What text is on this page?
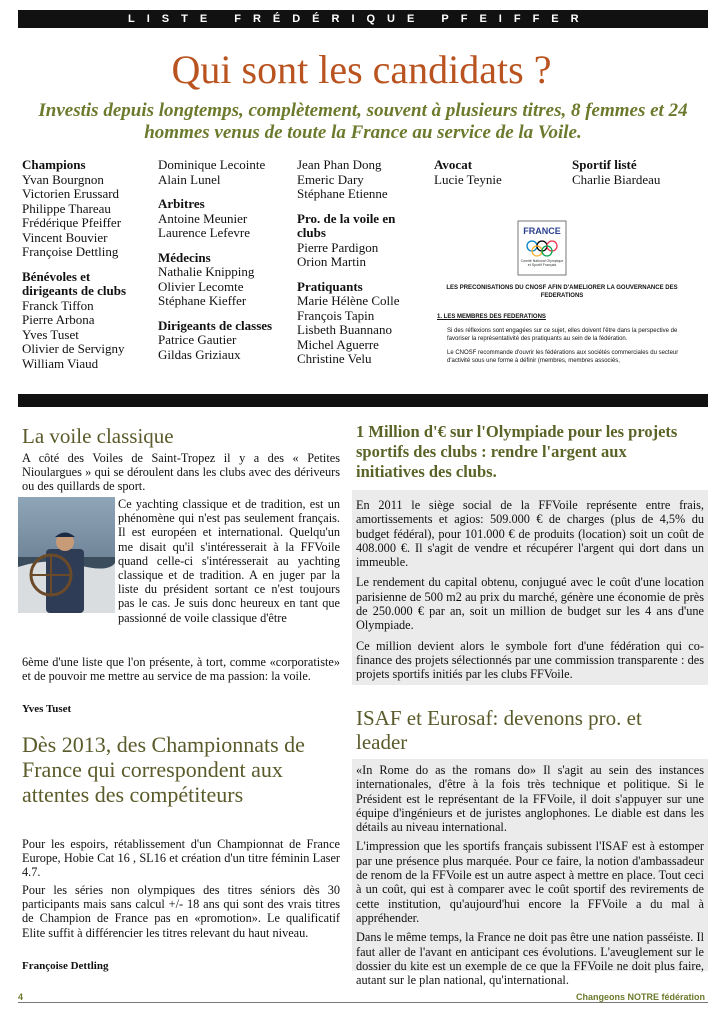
LISTE FRÉDÉRIQUE PFEIFFER
Qui sont les candidats ?
Investis depuis longtemps, complètement, souvent à plusieurs titres, 8 femmes et 24 hommes venus de toute la France au service de la Voile.
Champions
Yvan Bourgnon
Victorien Erussard
Philippe Thareau
Frédérique Pfeiffer
Vincent Bouvier
Françoise Dettling
Bénévoles et dirigeants de clubs
Franck Tiffon
Pierre Arbona
Yves Tuset
Olivier de Servigny
William Viaud
Dominique Lecointe
Alain Lunel
Arbitres
Antoine Meunier
Laurence Lefevre
Médecins
Nathalie Knipping
Olivier Lecomte
Stéphane Kieffer
Dirigeants de classes
Patrice Gautier
Gildas Griziaux
Jean Phan Dong
Emeric Dary
Stéphane Etienne
Pro. de la voile en clubs
Pierre Pardigon
Orion Martin
Pratiquants
Marie Hélène Colle
François Tapin
Lisbeth Buannano
Michel Aguerre
Christine Velu
Avocat
Lucie Teynie
Sportif listé
Charlie Biardeau
FRANCE
Comité National Olympique et Sportif Français
LES PRECONISATIONS DU CNOSF AFIN D'AMELIORER LA GOUVERNANCE DES FEDERATIONS
1. LES MEMBRES DES FEDERATIONS
Si des réflexions sont engagées sur ce sujet, elles doivent l'être dans la perspective de favoriser la représentativité des pratiquants au sein de la fédération.
Le CNOSF recommande d'ouvrir les fédérations aux sociétés commerciales du secteur d'activité sous une forme à définir (membres, membres associés,
La voile classique
A côté des Voiles de Saint-Tropez il y a des « Petites Nioulargues » qui se déroulent dans les clubs avec des dériveurs ou des quillards de sport.
Ce yachting classique et de tradition, est un phénomène qui n'est pas seulement français. Il est européen et international. Quelqu'un me disait qu'il s'intéresserait à la FFVoile quand celle-ci s'intéresserait au yachting classique et de tradition. A en juger par la liste du président sortant ce n'est toujours pas le cas. Je suis donc heureux en tant que passionné de voile classique d'être
6ème d'une liste que l'on présente, à tort, comme «corporatiste» et de pouvoir me mettre au service de ma passion: la voile.
Yves Tuset
Dès 2013, des Championnats de France qui correspondent aux attentes des compétiteurs
Pour les espoirs, rétablissement d'un Championnat de France Europe, Hobie Cat 16 , SL16 et création d'un titre féminin Laser 4.7.
Pour les séries non olympiques des titres séniors dès 30 participants mais sans calcul +/- 18 ans qui sont des vrais titres de Champion de France pas en «promotion». Le qualificatif Elite suffit à différencier les titres relevant du haut niveau.
Françoise Dettling
1 Million d'€ sur l'Olympiade pour les projets sportifs des clubs : rendre l'argent aux initiatives des clubs.

En 2011 le siège social de la FFVoile représente entre frais, amortissements et agios: 509.000 € de charges (plus de 4,5% du budget fédéral), pour 101.000 € de produits (location) soit un coût de 408.000 €. Il s'agit de vendre et récupérer l'argent qui dort dans un immeuble.

Le rendement du capital obtenu, conjugué avec le coût d'une location parisienne de 500 m2 au prix du marché, génère une économie de près de 250.000 € par an, soit un million de budget sur les 4 ans d'une Olympiade.

Ce million devient alors le symbole fort d'une fédération qui co-finance des projets sélectionnés par une commission transparente : des projets sportifs initiés par les clubs FFVoile.

ISAF et Eurosaf: devenons pro. et leader

«In Rome do as the romans do» Il s'agit au sein des instances internationales, d'être à la fois très technique et politique. Si le Président est le représentant de la FFVoile, il doit s'appuyer sur une équipe d'ingénieurs et de juristes anglophones. Le diable est dans les détails au niveau international.

L'impression que les sportifs français subissent l'ISAF est à estomper par une présence plus marquée. Pour ce faire, la notion d'ambassadeur de renom de la FFVoile est un autre aspect à mettre en place. Tout ceci à un coût, qui est à comparer avec le coût sportif des revirements de cette institution, qu'aujourd'hui encore la FFVoile a du mal à appréhender.

Dans le même temps, la France ne doit pas être une nation passéiste. Il faut aller de l'avant en anticipant ces évolutions. L'aveuglement sur le dossier du kite est un exemple de ce que la FFVoile ne doit plus faire, autant sur le plan national, qu'international.

4	Changeons NOTRE fédération
